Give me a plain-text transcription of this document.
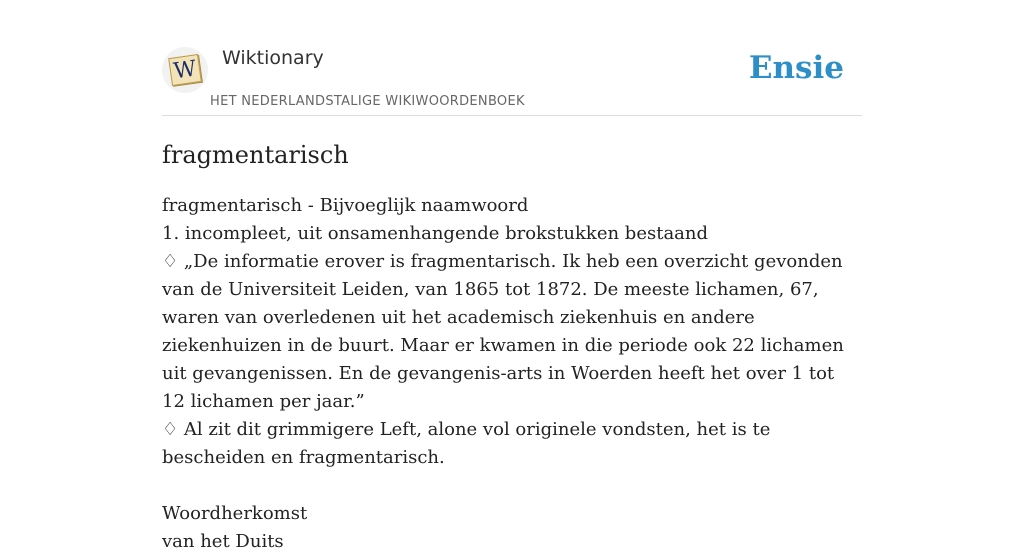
W Wiktionary
HET NEDERLANDSTALIGE WIKIWOORDENBOEK
Ensie
fragmentarisch

fragmentarisch - Bijvoeglijk naamwoord

1. incompleet, uit onsamenhangende brokstukken bestaand

♢ „De informatie erover is fragmentarisch. Ik heb een overzicht gevonden van de Universiteit Leiden, van 1865 tot 1872. De meeste lichamen, 67, waren van overledenen uit het academisch ziekenhuis en andere ziekenhuizen in de buurt. Maar er kwamen in die periode ook 22 lichamen uit gevangenissen. En de gevangenis-arts in Woerden heeft het over 1 tot 12 lichamen per jaar.”

♢ Al zit dit grimmigere Left, alone vol originele vondsten, het is te bescheiden en fragmentarisch.

Woordherkomst

van het Duits
